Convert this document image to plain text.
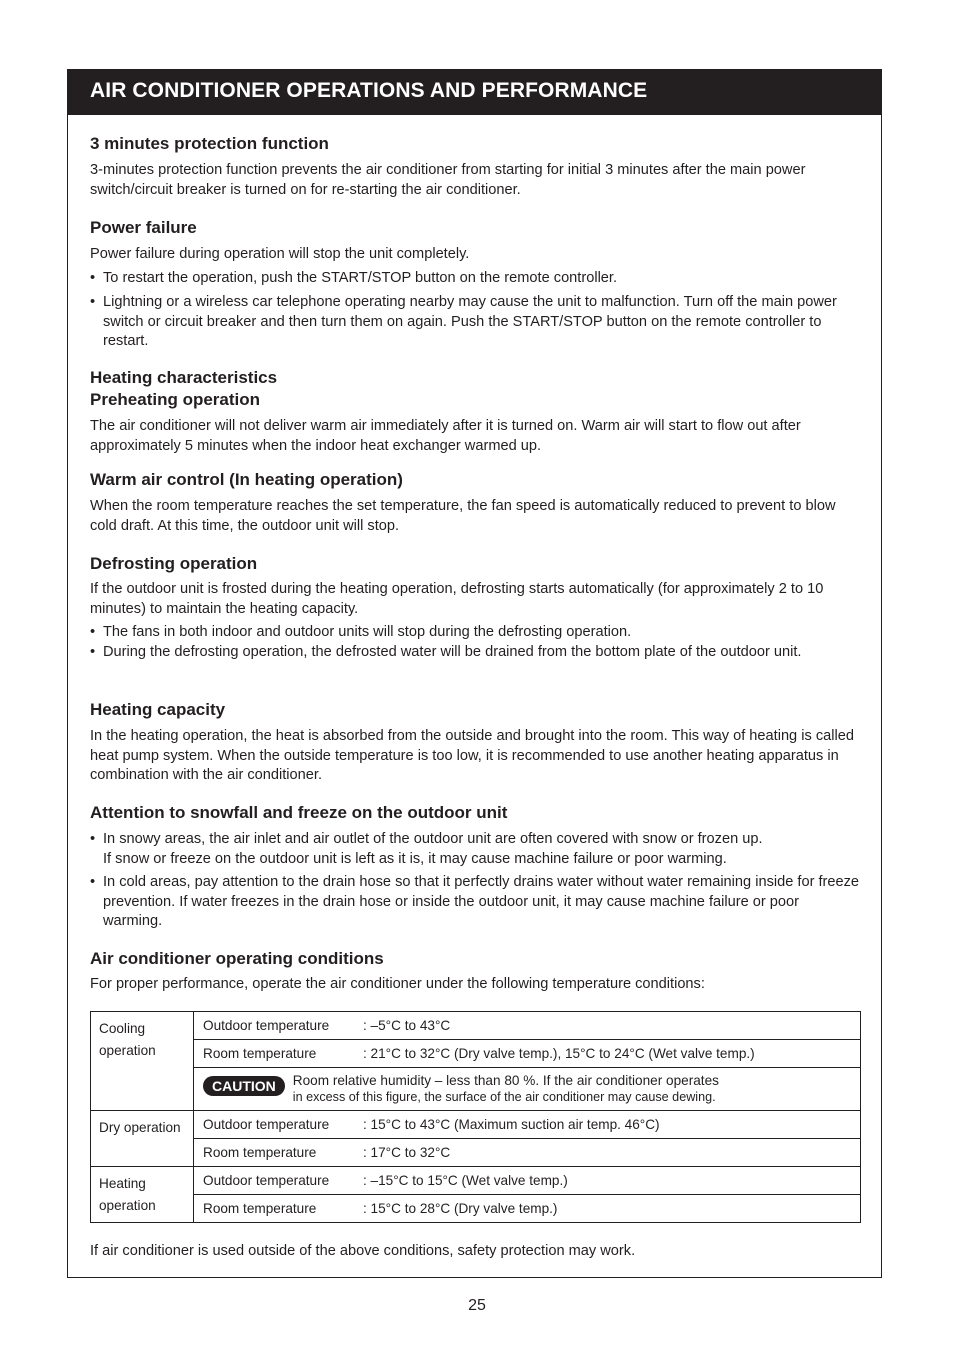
AIR CONDITIONER OPERATIONS AND PERFORMANCE
3 minutes protection function
3-minutes protection function prevents the air conditioner from starting for initial 3 minutes after the main power switch/circuit breaker is turned on for re-starting the air conditioner.
Power failure
Power failure during operation will stop the unit completely.
• To restart the operation, push the START/STOP button on the remote controller.
• Lightning or a wireless car telephone operating nearby may cause the unit to malfunction. Turn off the main power switch or circuit breaker and then turn them on again. Push the START/STOP button on the remote controller to restart.
Heating characteristics
Preheating operation
The air conditioner will not deliver warm air immediately after it is turned on. Warm air will start to flow out after approximately 5 minutes when the indoor heat exchanger warmed up.
Warm air control (In heating operation)
When the room temperature reaches the set temperature, the fan speed is automatically reduced to prevent to blow cold draft. At this time, the outdoor unit will stop.
Defrosting operation
If the outdoor unit is frosted during the heating operation, defrosting starts automatically (for approximately 2 to 10 minutes) to maintain the heating capacity.
• The fans in both indoor and outdoor units will stop during the defrosting operation.
• During the defrosting operation, the defrosted water will be drained from the bottom plate of the outdoor unit.
Heating capacity
In the heating operation, the heat is absorbed from the outside and brought into the room. This way of heating is called heat pump system. When the outside temperature is too low, it is recommended to use another heating apparatus in combination with the air conditioner.
Attention to snowfall and freeze on the outdoor unit
• In snowy areas, the air inlet and air outlet of the outdoor unit are often covered with snow or frozen up.
If snow or freeze on the outdoor unit is left as it is, it may cause machine failure or poor warming.
• In cold areas, pay attention to the drain hose so that it perfectly drains water without water remaining inside for freeze prevention. If water freezes in the drain hose or inside the outdoor unit, it may cause machine failure or poor warming.
Air conditioner operating conditions
For proper performance, operate the air conditioner under the following temperature conditions:
If air conditioner is used outside of the above conditions, safety protection may work.
Cooling operation	Outdoor temperature : –5°C to 43°C
	Room temperature : 21°C to 32°C (Dry valve temp.), 15°C to 24°C (Wet valve temp.)
	CAUTION Room relative humidity – less than 80 %. If the air conditioner operates
in excess of this figure, the surface of the air conditioner may cause dewing.
Dry operation	Outdoor temperature : 15°C to 43°C (Maximum suction air temp. 46°C)
	Room temperature : 17°C to 32°C
Heating operation	Outdoor temperature : –15°C to 15°C (Wet valve temp.)
	Room temperature : 15°C to 28°C (Dry valve temp.)
25
